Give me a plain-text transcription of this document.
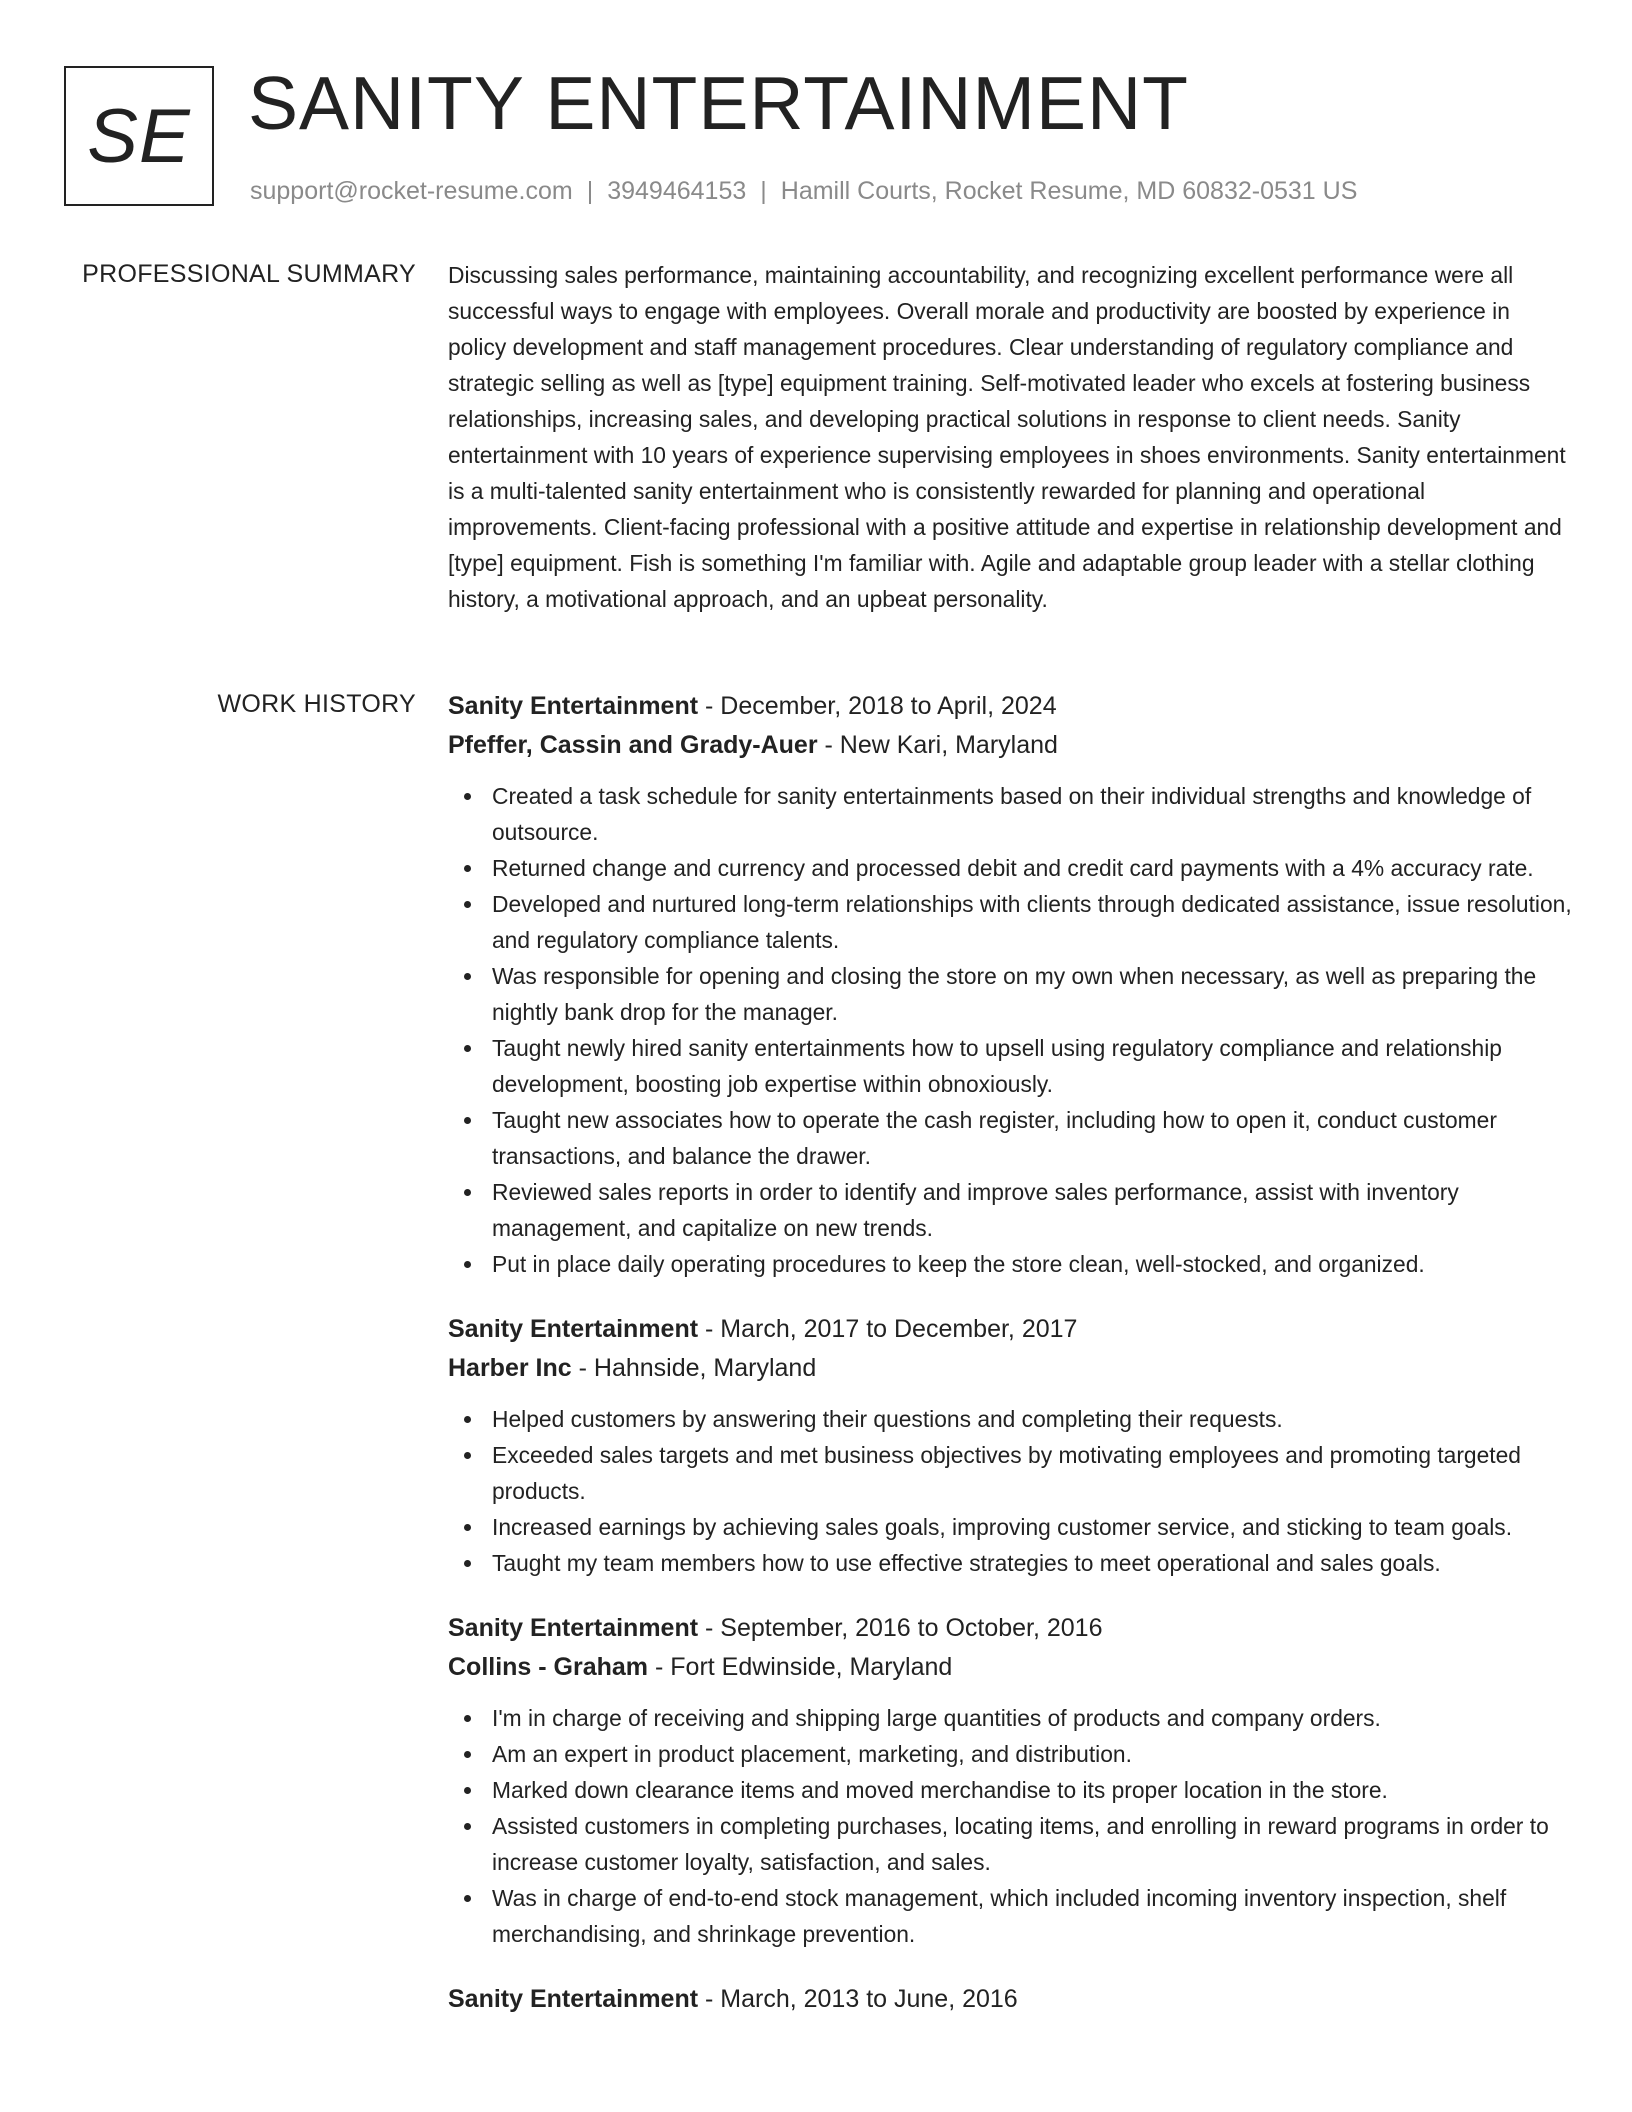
SE SANITY ENTERTAINMENT
support@rocket-resume.com | 3949464153 | Hamill Courts, Rocket Resume, MD 60832-0531 US
PROFESSIONAL SUMMARY Discussing sales performance, maintaining accountability, and recognizing excellent performance were all successful ways to engage with employees. Overall morale and productivity are boosted by experience in policy development and staff management procedures. Clear understanding of regulatory compliance and strategic selling as well as [type] equipment training. Self-motivated leader who excels at fostering business relationships, increasing sales, and developing practical solutions in response to client needs. Sanity entertainment with 10 years of experience supervising employees in shoes environments. Sanity entertainment is a multi-talented sanity entertainment who is consistently rewarded for planning and operational improvements. Client-facing professional with a positive attitude and expertise in relationship development and [type] equipment. Fish is something I'm familiar with. Agile and adaptable group leader with a stellar clothing history, a motivational approach, and an upbeat personality.

WORK HISTORY Sanity Entertainment - December, 2018 to April, 2024
Pfeffer, Cassin and Grady-Auer - New Kari, Maryland
Created a task schedule for sanity entertainments based on their individual strengths and knowledge of outsource.
Returned change and currency and processed debit and credit card payments with a 4% accuracy rate.
Developed and nurtured long-term relationships with clients through dedicated assistance, issue resolution, and regulatory compliance talents.
Was responsible for opening and closing the store on my own when necessary, as well as preparing the nightly bank drop for the manager.
Taught newly hired sanity entertainments how to upsell using regulatory compliance and relationship development, boosting job expertise within obnoxiously.
Taught new associates how to operate the cash register, including how to open it, conduct customer transactions, and balance the drawer.
Reviewed sales reports in order to identify and improve sales performance, assist with inventory management, and capitalize on new trends.
Put in place daily operating procedures to keep the store clean, well-stocked, and organized.
Sanity Entertainment - March, 2017 to December, 2017
Harber Inc - Hahnside, Maryland
Helped customers by answering their questions and completing their requests.
Exceeded sales targets and met business objectives by motivating employees and promoting targeted products.
Increased earnings by achieving sales goals, improving customer service, and sticking to team goals.
Taught my team members how to use effective strategies to meet operational and sales goals.
Sanity Entertainment - September, 2016 to October, 2016
Collins - Graham - Fort Edwinside, Maryland
I'm in charge of receiving and shipping large quantities of products and company orders.
Am an expert in product placement, marketing, and distribution.
Marked down clearance items and moved merchandise to its proper location in the store.
Assisted customers in completing purchases, locating items, and enrolling in reward programs in order to increase customer loyalty, satisfaction, and sales.
Was in charge of end-to-end stock management, which included incoming inventory inspection, shelf merchandising, and shrinkage prevention.
Sanity Entertainment - March, 2013 to June, 2016
